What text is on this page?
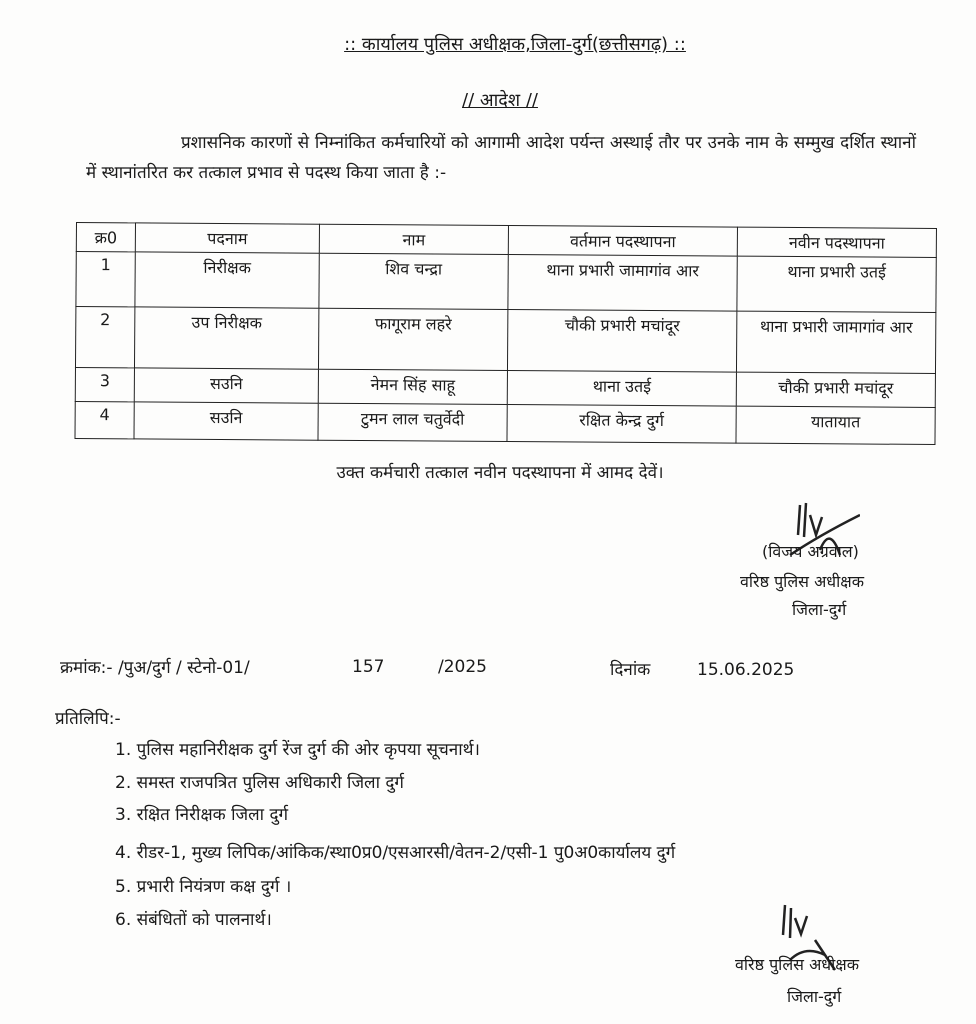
:: कार्यालय पुलिस अधीक्षक,जिला-दुर्ग(छत्तीसगढ़) ::
// आदेश //
प्रशासनिक कारणों से निम्नांकित कर्मचारियों को आगामी आदेश पर्यन्त अस्थाई तौर पर उनके नाम के सम्मुख दर्शित स्थानों में स्थानांतरित कर तत्काल प्रभाव से पदस्थ किया जाता है :-
क्र0	पदनाम	नाम	वर्तमान पदस्थापना	नवीन पदस्थापना
1	निरीक्षक	शिव चन्द्रा	थाना प्रभारी जामागांव आर	थाना प्रभारी उतई
2	उप निरीक्षक	फागूराम लहरे	चौकी प्रभारी मचांदूर	थाना प्रभारी जामागांव आर
3	सउनि	नेमन सिंह साहू	थाना उतई	चौकी प्रभारी मचांदूर
4	सउनि	टुमन लाल चतुर्वेदी	रक्षित केन्द्र दुर्ग	यातायात
उक्त कर्मचारी तत्काल नवीन पदस्थापना में आमद देवें।
(विजय अग्रवाल)
वरिष्ठ पुलिस अधीक्षक
जिला-दुर्ग
क्रमांक:- /पुअ/दुर्ग / स्टेनो-01/	157	/2025	दिनांक	15.06.2025
प्रतिलिपि:-
1. पुलिस महानिरीक्षक दुर्ग रेंज दुर्ग की ओर कृपया सूचनार्थ।
2. समस्त राजपत्रित पुलिस अधिकारी जिला दुर्ग
3. रक्षित निरीक्षक जिला दुर्ग
4. रीडर-1, मुख्य लिपिक/आंकिक/स्था0प्र0/एसआरसी/वेतन-2/एसी-1 पु0अ0कार्यालय दुर्ग
5. प्रभारी नियंत्रण कक्ष दुर्ग ।
6. संबंधितों को पालनार्थ।
वरिष्ठ पुलिस अधीक्षक
जिला-दुर्ग
